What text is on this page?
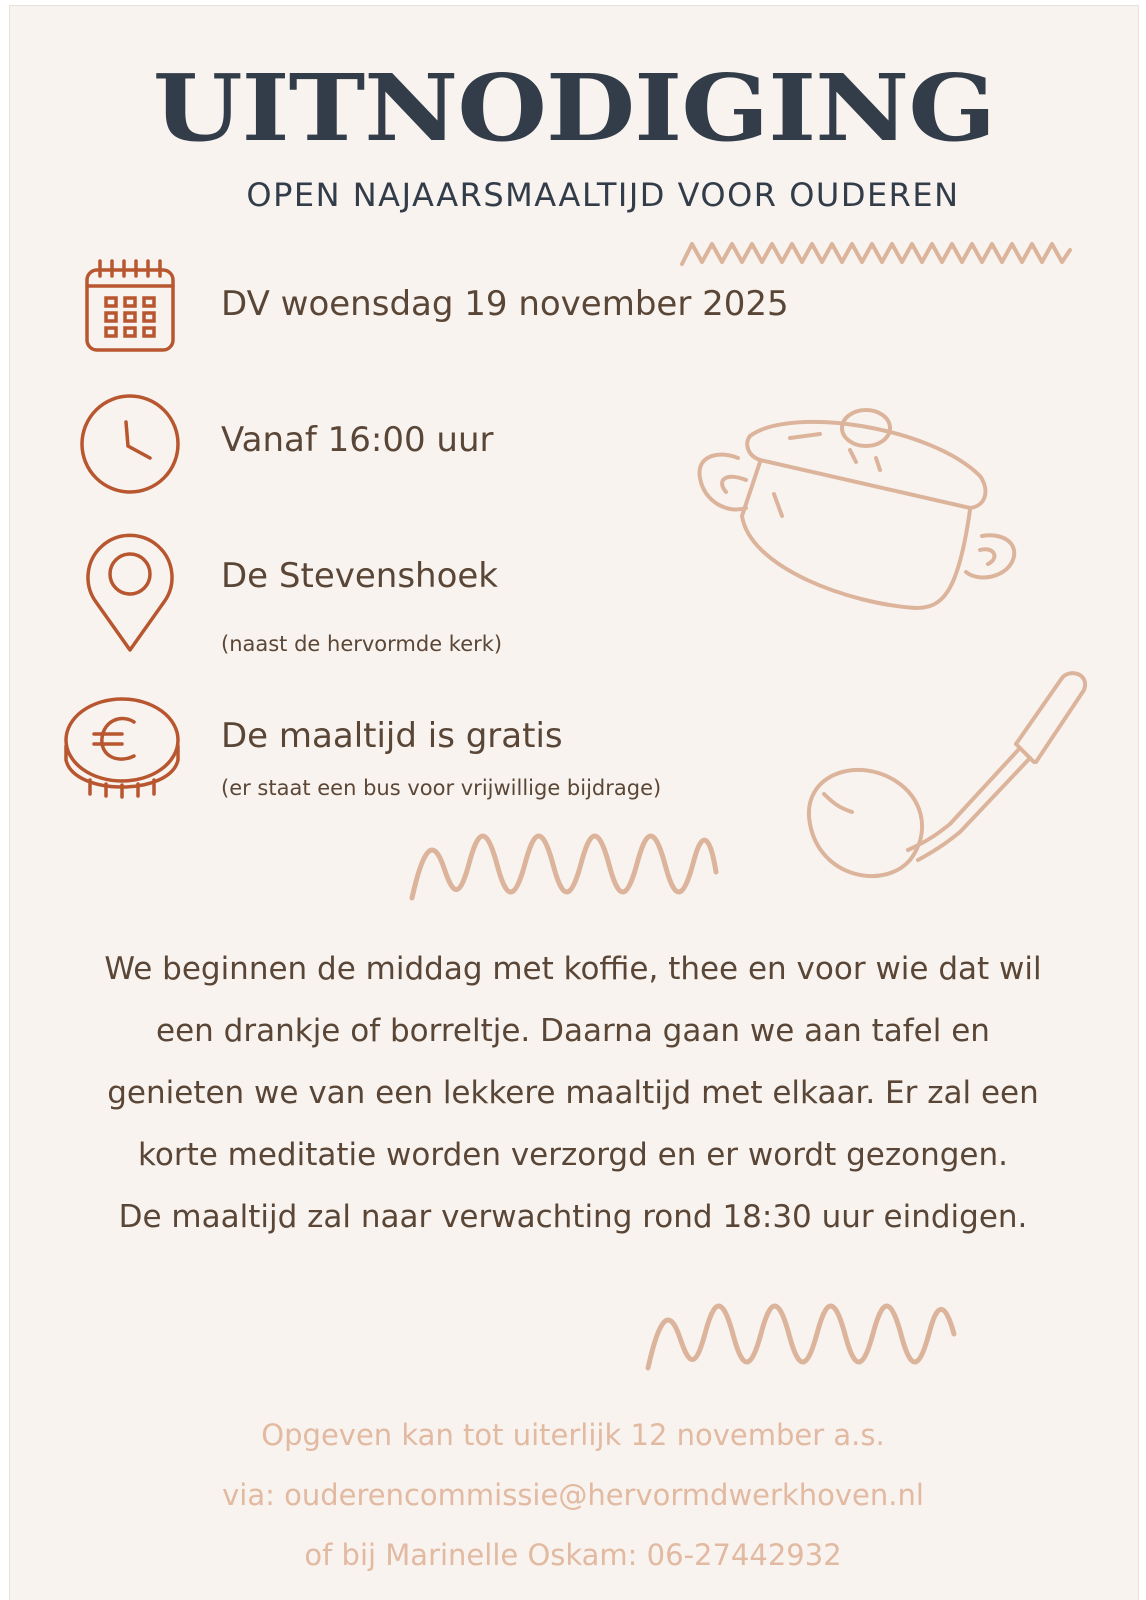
UITNODIGING
OPEN NAJAARSMAALTIJD VOOR OUDEREN
DV woensdag 19 november 2025
Vanaf 16:00 uur
De Stevenshoek
(naast de hervormde kerk)
De maaltijd is gratis
(er staat een bus voor vrijwillige bijdrage)
We beginnen de middag met koffie, thee en voor wie dat wil
een drankje of borreltje. Daarna gaan we aan tafel en
genieten we van een lekkere maaltijd met elkaar. Er zal een
korte meditatie worden verzorgd en er wordt gezongen.
De maaltijd zal naar verwachting rond 18:30 uur eindigen.
Opgeven kan tot uiterlijk 12 november a.s.
via: ouderencommissie@hervormdwerkhoven.nl
of bij Marinelle Oskam: 06-27442932
